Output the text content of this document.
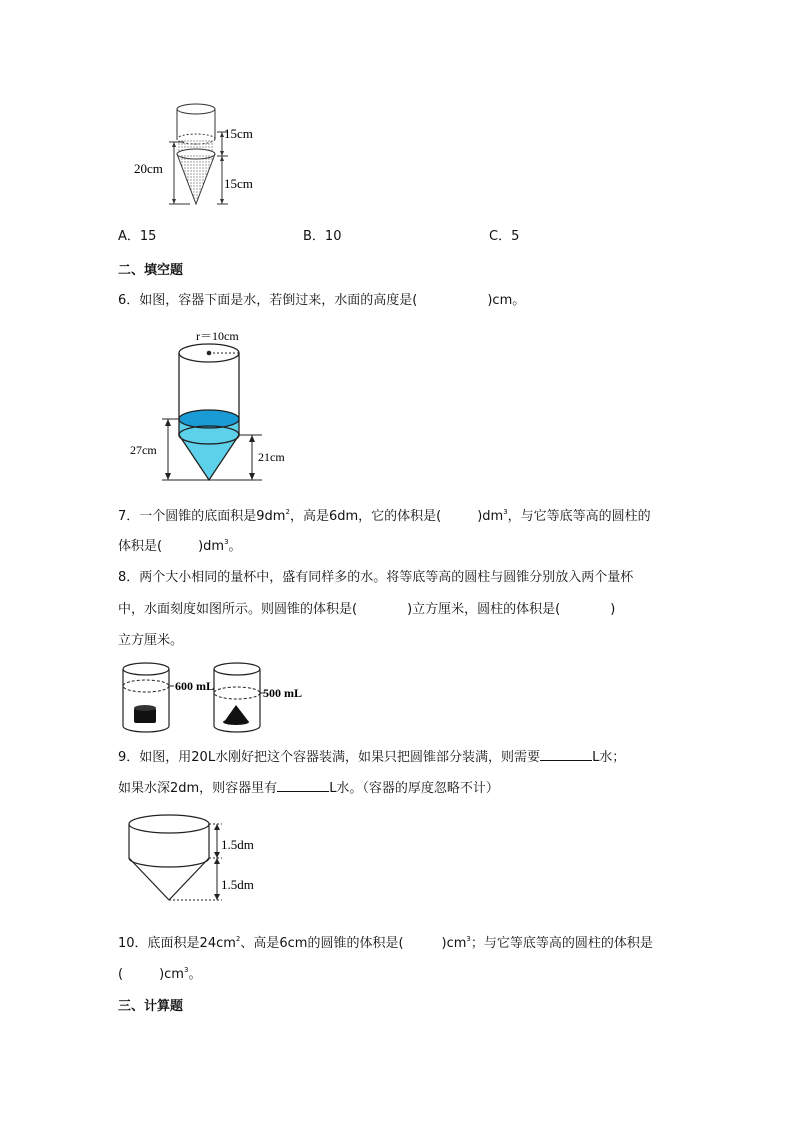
15cm
15cm
20cm
A．15	B．10	C．5
二、填空题
6．如图，容器下面是水，若倒过来，水面的高度是(	)cm。
r＝10cm
27cm	21cm
7．一个圆锥的底面积是$9dm^2$，高是6dm，它的体积是(	)$dm^3$，与它等底等高的圆柱的
体积是(	)$dm^3$。
8．两个大小相同的量杯中，盛有同样多的水。将等底等高的圆柱与圆锥分别放入两个量杯
中，水面刻度如图所示。则圆锥的体积是(	)立方厘米，圆柱的体积是(	)
立方厘米。
600 mL	500 mL
9．如图，用20L水刚好把这个容器装满，如果只把圆锥部分装满，则需要	L水；
如果水深2dm，则容器里有	L水。（容器的厚度忽略不计）
1.5dm
1.5dm
10．底面积是$24cm^2$、高是6cm的圆锥的体积是(	)$cm^3$；与它等底等高的圆柱的体积是
(	)$cm^3$。
三、计算题
